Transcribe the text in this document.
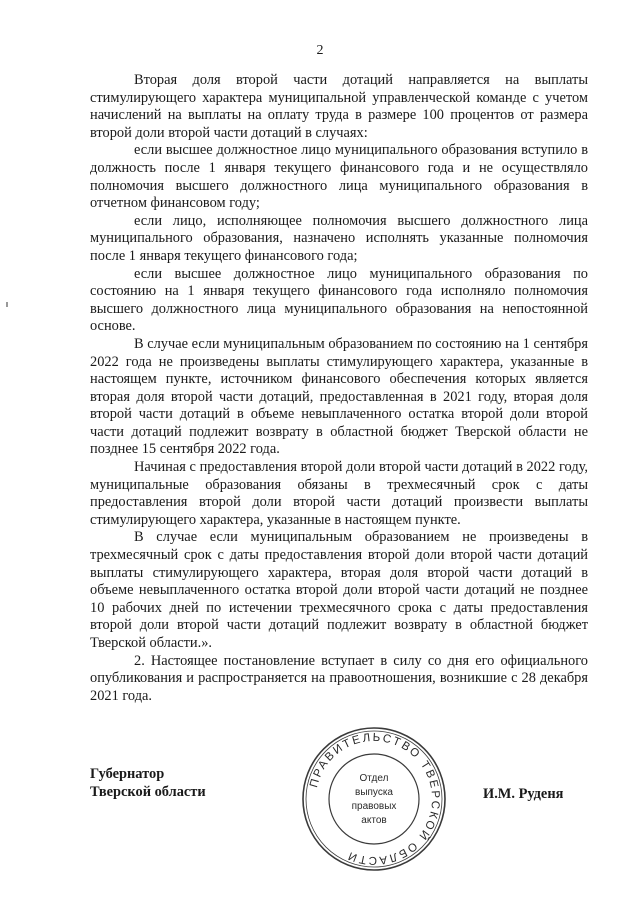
2

Вторая доля второй части дотаций направляется на выплаты стимулирующего характера муниципальной управленческой команде с учетом начислений на выплаты на оплату труда в размере 100 процентов от размера второй доли второй части дотаций в случаях:

если высшее должностное лицо муниципального образования вступило в должность после 1 января текущего финансового года и не осуществляло полномочия высшего должностного лица муниципального образования в отчетном финансовом году;

если лицо, исполняющее полномочия высшего должностного лица муниципального образования, назначено исполнять указанные полномочия после 1 января текущего финансового года;

если высшее должностное лицо муниципального образования по состоянию на 1 января текущего финансового года исполняло полномочия высшего должностного лица муниципального образования на непостоянной основе.

В случае если муниципальным образованием по состоянию на 1 сентября 2022 года не произведены выплаты стимулирующего характера, указанные в настоящем пункте, источником финансового обеспечения которых является вторая доля второй части дотаций, предоставленная в 2021 году, вторая доля второй части дотаций в объеме невыплаченного остатка второй доли второй части дотаций подлежит возврату в областной бюджет Тверской области не позднее 15 сентября 2022 года.

Начиная с предоставления второй доли второй части дотаций в 2022 году, муниципальные образования обязаны в трехмесячный срок с даты предоставления второй доли второй части дотаций произвести выплаты стимулирующего характера, указанные в настоящем пункте.

В случае если муниципальным образованием не произведены в трехмесячный срок с даты предоставления второй доли второй части дотаций выплаты стимулирующего характера, вторая доля второй части дотаций в объеме невыплаченного остатка второй доли второй части дотаций не позднее 10 рабочих дней по истечении трехмесячного срока с даты предоставления второй доли второй части дотаций подлежит возврату в областной бюджет Тверской области.».

2. Настоящее постановление вступает в силу со дня его официального опубликования и распространяется на правоотношения, возникшие с 28 декабря 2021 года.

Губернатор
Тверской области	И.М. Руденя
ПРАВИТЕЛЬСТВО ТВЕРСКОЙ ОБЛАСТИ
Отдел
выпуска
правовых
актов
